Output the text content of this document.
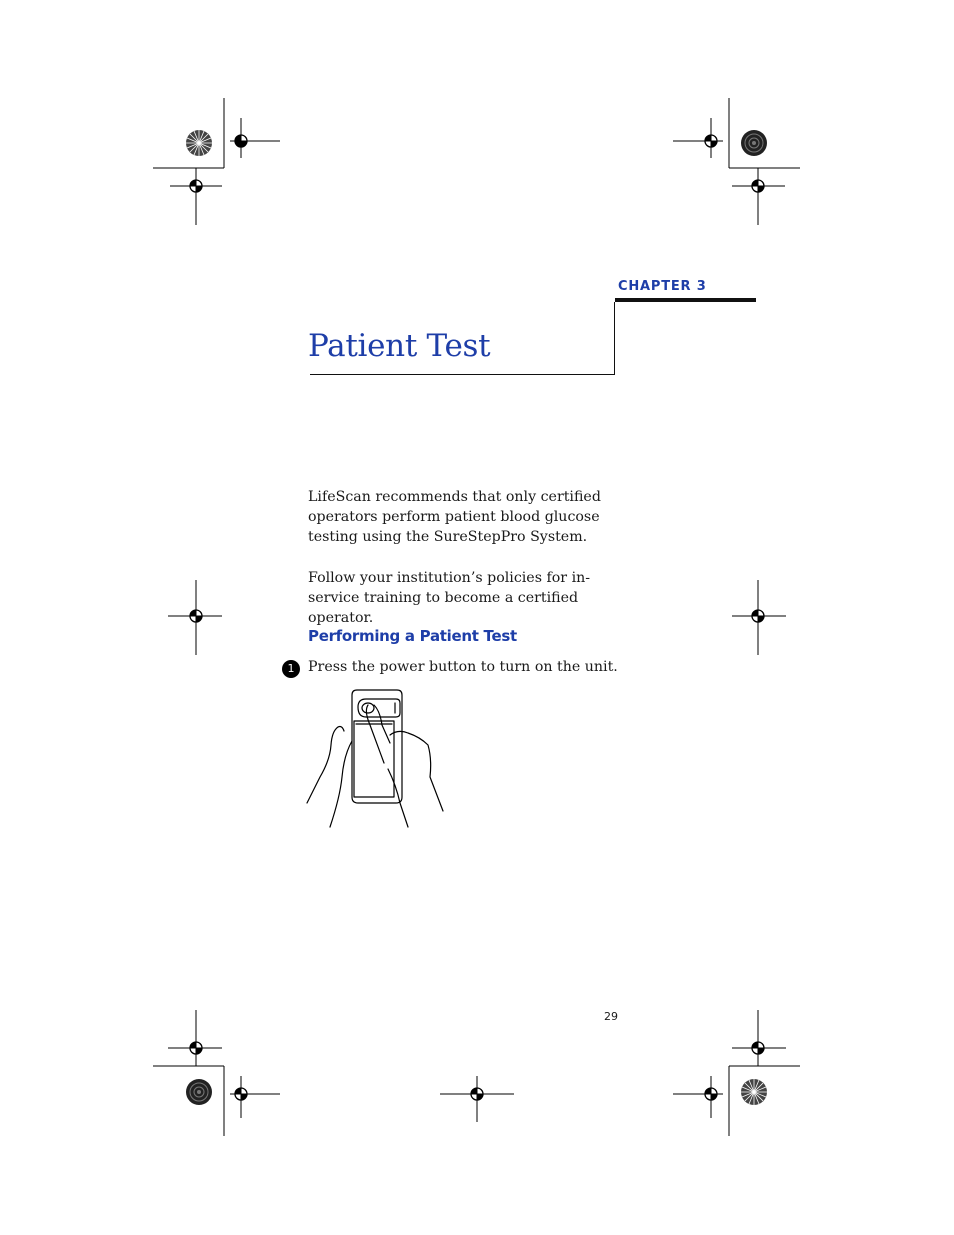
CHAPTER 3
Patient Test
LifeScan recommends that only certified operators perform patient blood glucose testing using the SureStepPro System.
Follow your institution’s policies for in-service training to become a certified operator.
Performing a Patient Test
1 Press the power button to turn on the unit.
29
